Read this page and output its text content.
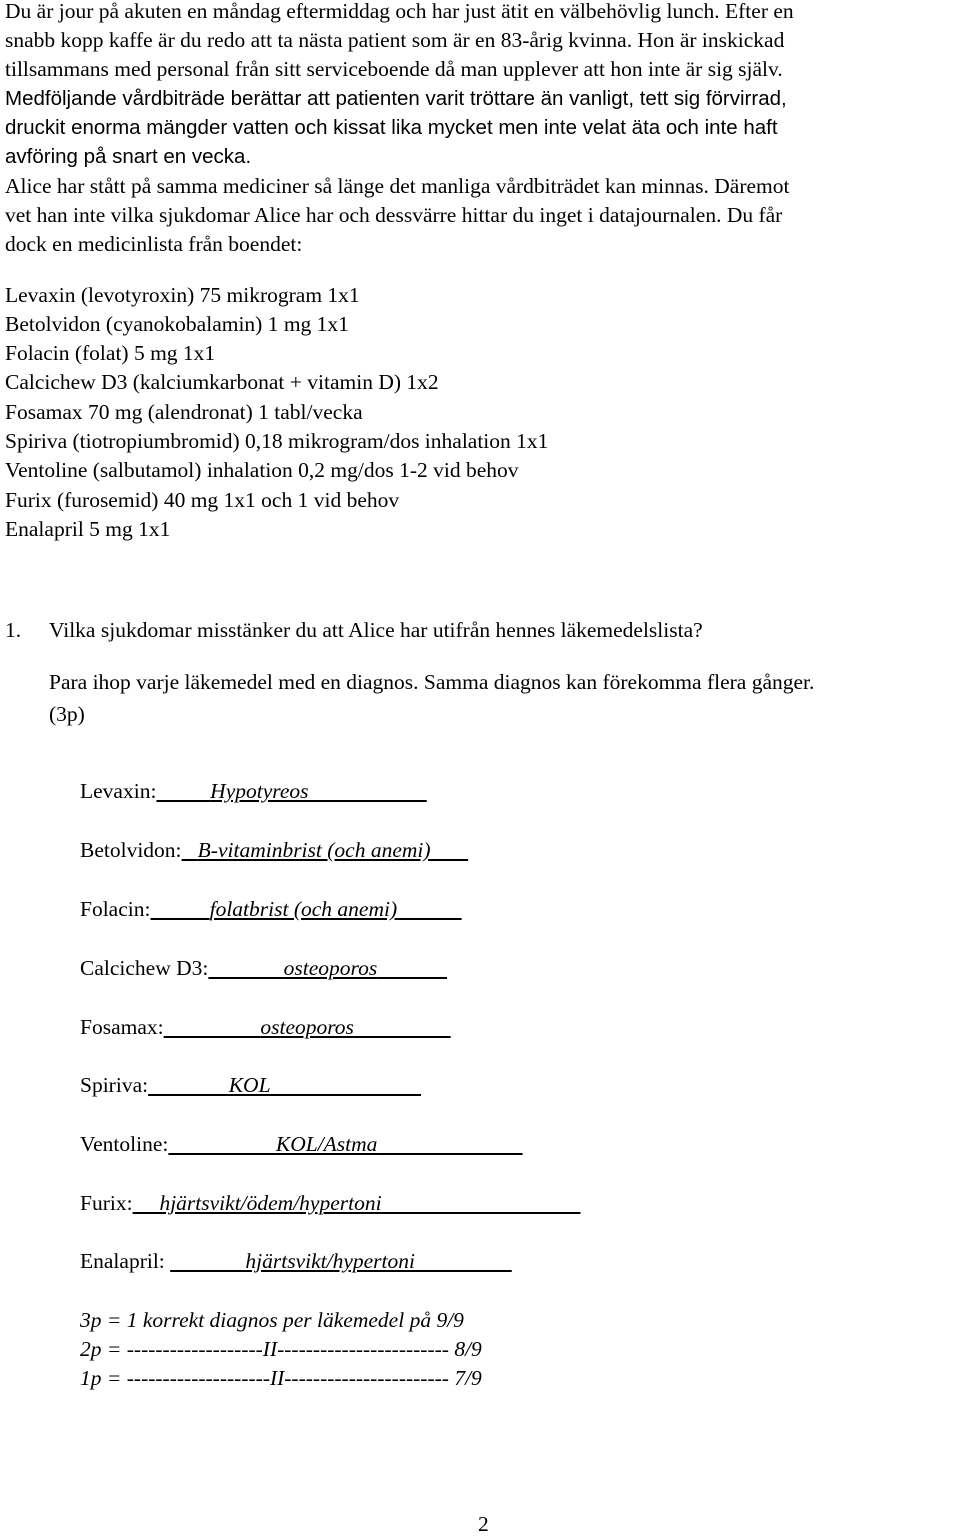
Du är jour på akuten en måndag eftermiddag och har just ätit en välbehövlig lunch. Efter en
snabb kopp kaffe är du redo att ta nästa patient som är en 83-årig kvinna. Hon är inskickad
tillsammans med personal från sitt serviceboende då man upplever att hon inte är sig själv.
Medföljande vårdbiträde berättar att patienten varit tröttare än vanligt, tett sig förvirrad,
druckit enorma mängder vatten och kissat lika mycket men inte velat äta och inte haft
avföring på snart en vecka.
Alice har stått på samma mediciner så länge det manliga vårdbiträdet kan minnas. Däremot
vet han inte vilka sjukdomar Alice har och dessvärre hittar du inget i datajournalen. Du får
dock en medicinlista från boendet:
Levaxin (levotyroxin) 75 mikrogram 1x1
Betolvidon (cyanokobalamin) 1 mg 1x1
Folacin (folat) 5 mg 1x1
Calcichew D3 (kalciumkarbonat + vitamin D) 1x2
Fosamax 70 mg (alendronat) 1 tabl/vecka
Spiriva (tiotropiumbromid) 0,18 mikrogram/dos inhalation 1x1
Ventoline (salbutamol) inhalation 0,2 mg/dos 1-2 vid behov
Furix (furosemid) 40 mg 1x1 och 1 vid behov
Enalapril 5 mg 1x1
1. Vilka sjukdomar misstänker du att Alice har utifrån hennes läkemedelslista?
Para ihop varje läkemedel med en diagnos. Samma diagnos kan förekomma flera gånger.
(3p)
Levaxin:	Hypotyreos
Betolvidon: B-vitaminbrist (och anemi)
Folacin:	folatbrist (och anemi)
Calcichew D3:	osteoporos
Fosamax:	osteoporos
Spiriva:	KOL
Ventoline:	KOL/Astma
Furix: hjärtsvikt/ödem/hypertoni
Enalapril:	hjärtsvikt/hypertoni
3p = 1 korrekt diagnos per läkemedel på 9/9
2p = -------------------II------------------------ 8/9
1p = --------------------II----------------------- 7/9
2
